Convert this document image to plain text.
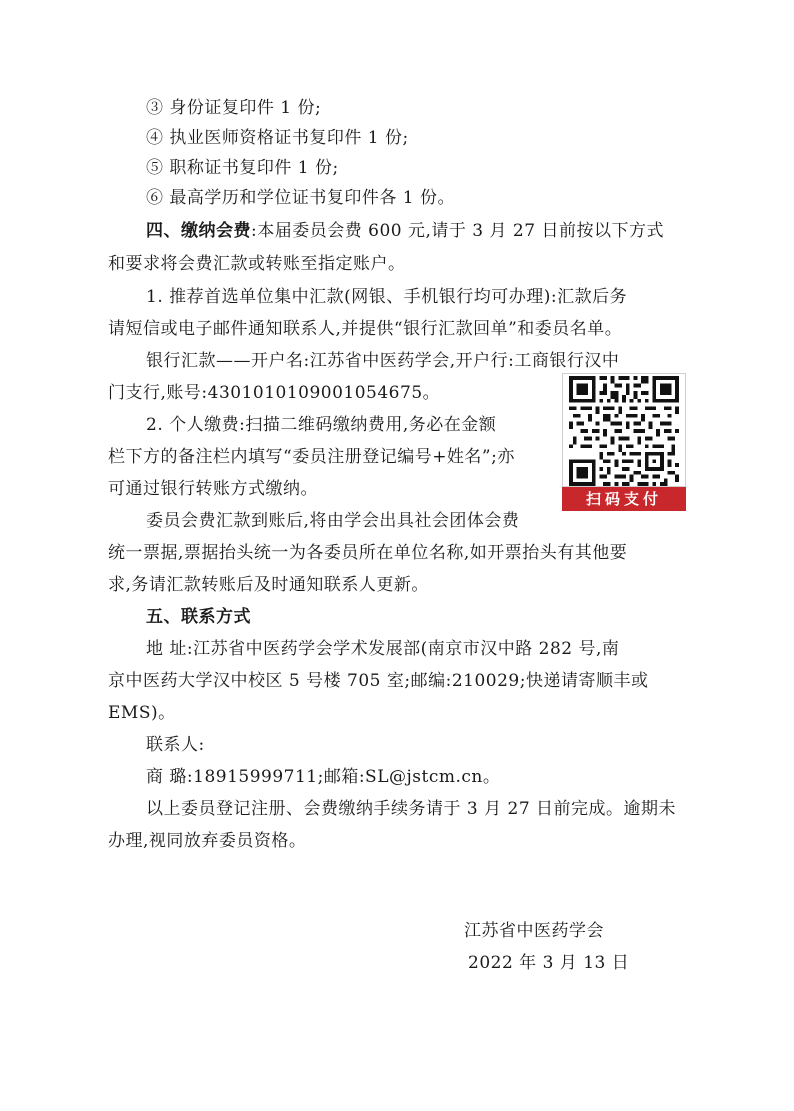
③ 身份证复印件 1 份;
④ 执业医师资格证书复印件 1 份;
⑤ 职称证书复印件 1 份;
⑥ 最高学历和学位证书复印件各 1 份。
四、缴纳会费:本届委员会费 600 元,请于 3 月 27 日前按以下方式
和要求将会费汇款或转账至指定账户。
1. 推荐首选单位集中汇款(网银、手机银行均可办理):汇款后务
请短信或电子邮件通知联系人,并提供“银行汇款回单”和委员名单。
银行汇款——开户名:江苏省中医药学会,开户行:工商银行汉中
门支行,账号:4301010109001054675。
2. 个人缴费:扫描二维码缴纳费用,务必在金额
栏下方的备注栏内填写“委员注册登记编号+姓名”;亦
可通过银行转账方式缴纳。	扫码支付
委员会费汇款到账后,将由学会出具社会团体会费
统一票据,票据抬头统一为各委员所在单位名称,如开票抬头有其他要
求,务请汇款转账后及时通知联系人更新。
五、联系方式
地 址:江苏省中医药学会学术发展部(南京市汉中路 282 号,南
京中医药大学汉中校区 5 号楼 705 室;邮编:210029;快递请寄顺丰或
EMS)。
联系人:
商 璐:18915999711;邮箱:SL@jstcm.cn。
以上委员登记注册、会费缴纳手续务请于 3 月 27 日前完成。逾期未
办理,视同放弃委员资格。
江苏省中医药学会
2022 年 3 月 13 日
